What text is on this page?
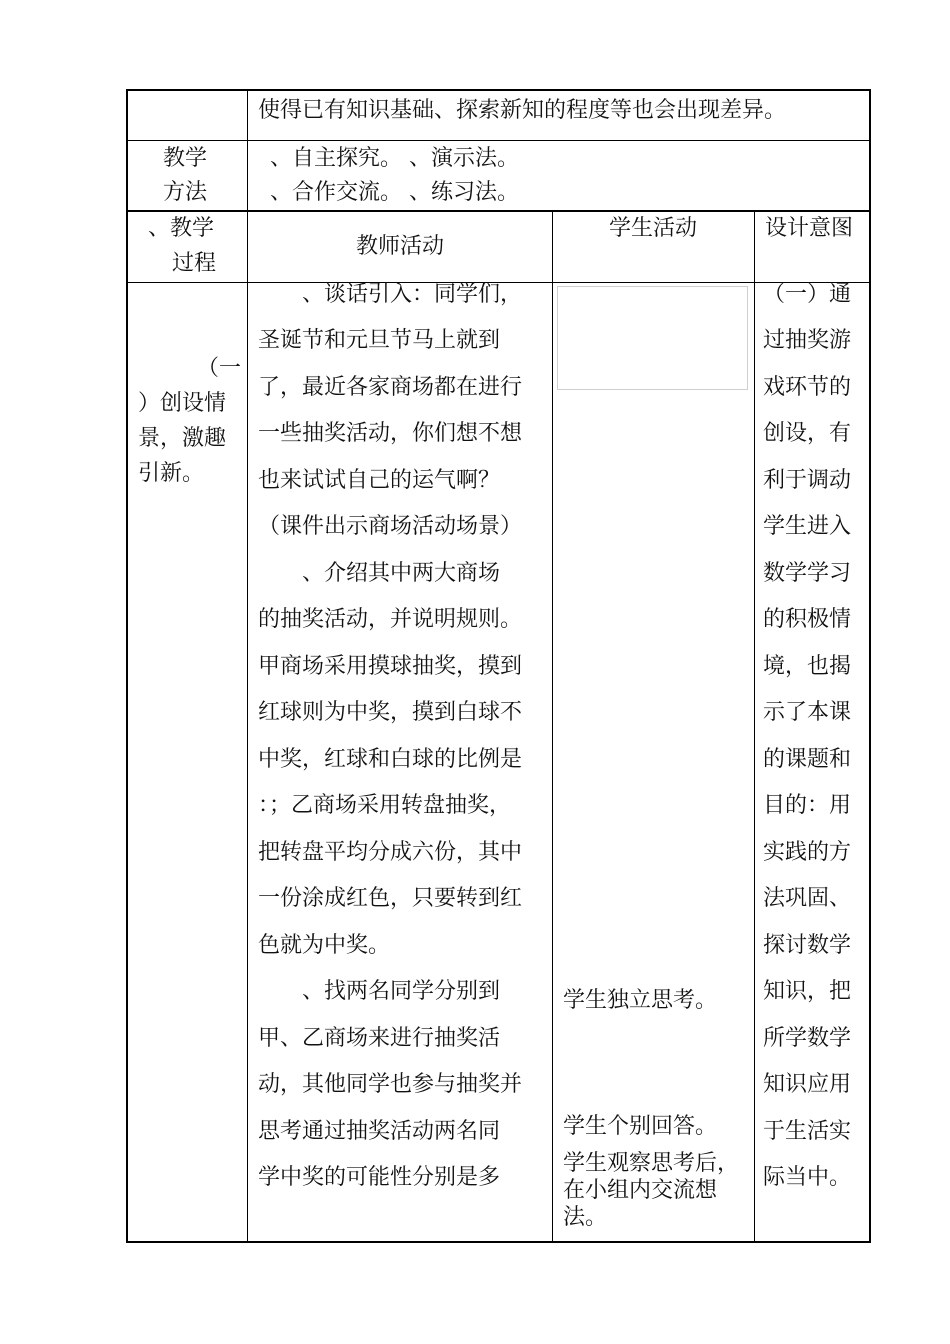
使得已有知识基础、探索新知的程度等也会出现差异。
教学
方法
、自主探究。 、演示法。
、合作交流。 、练习法。
、教学
过程
教师活动
学生活动	设计意图
（一
）创设情
景，激趣
引新。
　　、谈话引入：同学们，
圣诞节和元旦节马上就到
了，最近各家商场都在进行
一些抽奖活动，你们想不想
也来试试自己的运气啊？
（课件出示商场活动场景）
　　、介绍其中两大商场
的抽奖活动，并说明规则。
甲商场采用摸球抽奖，摸到
红球则为中奖，摸到白球不
中奖，红球和白球的比例是
：；乙商场采用转盘抽奖，
把转盘平均分成六份，其中
一份涂成红色，只要转到红
色就为中奖。
　　、找两名同学分别到
甲、乙商场来进行抽奖活
动，其他同学也参与抽奖并
思考通过抽奖活动两名同
学中奖的可能性分别是多
学生独立思考。
学生个别回答。
学生观察思考后，
在小组内交流想
法。
（一）通
过抽奖游
戏环节的
创设，有
利于调动
学生进入
数学学习
的积极情
境，也揭
示了本课
的课题和
目的：用
实践的方
法巩固、
探讨数学
知识，把
所学数学
知识应用
于生活实
际当中。
